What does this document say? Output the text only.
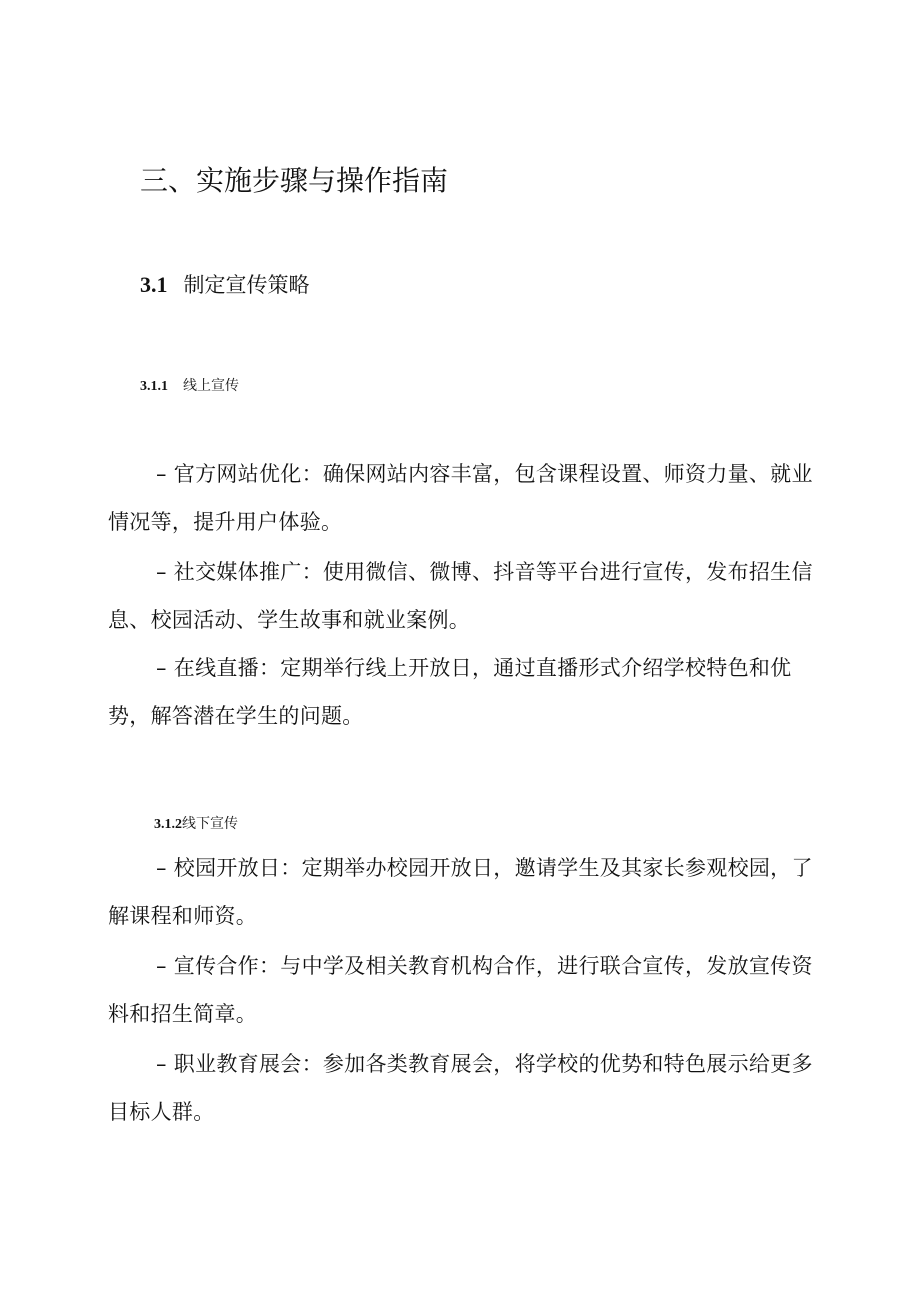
三、实施步骤与操作指南
3.1 制定宣传策略
3.1.1 线上宣传

– 官方网站优化：确保网站内容丰富，包含课程设置、师资力量、就业情况等，提升用户体验。

– 社交媒体推广：使用微信、微博、抖音等平台进行宣传，发布招生信息、校园活动、学生故事和就业案例。

– 在线直播：定期举行线上开放日，通过直播形式介绍学校特色和优势，解答潜在学生的问题。

3.1.2线下宣传

– 校园开放日：定期举办校园开放日，邀请学生及其家长参观校园，了解课程和师资。

– 宣传合作：与中学及相关教育机构合作，进行联合宣传，发放宣传资料和招生简章。

– 职业教育展会：参加各类教育展会，将学校的优势和特色展示给更多目标人群。
